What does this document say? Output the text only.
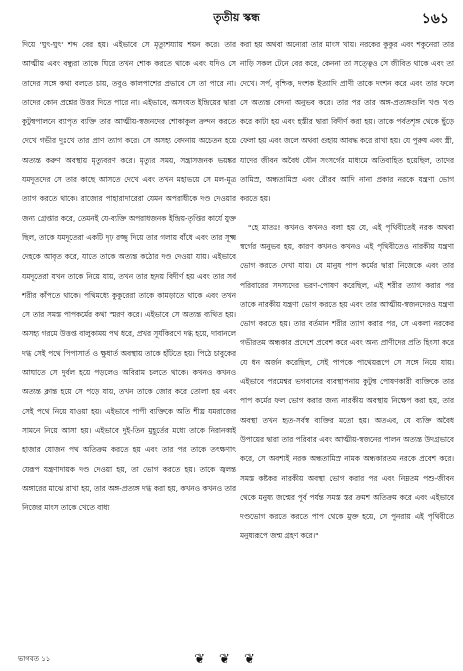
তৃতীয় স্কন্ধ	১৬১

দিয়ে 'ঘুৎ-ঘুৎ' শব্দ বের হয়। এইভাবে সে মৃত্যুশয্যায় শয়ন করে। তার আত্মীয় এবং বন্ধুরা তাকে ঘিরে তখন শোক করতে থাকে এবং যদিও সে তাদের সঙ্গে কথা বলতে চায়, তবুও কালপাশের প্রভাবে সে তা পারে না। তাদের কোন প্রশ্নের উত্তর দিতে পারে না। এইভাবে, অসংযত ইন্দ্রিয়ের দ্বারা কুটুম্বপালনে ব্যাপৃত ব্যক্তি তার আত্মীয়-স্বজনদের শোকাকুল ক্রন্দন করতে দেখে গভীর দুঃখে তার প্রাণ ত্যাগ করে। সে অসহ্য বেদনায় অচেতন হয়ে অত্যন্ত করুণ অবস্থায় মৃত্যুবরণ করে। মৃত্যুর সময়, সন্ত্রাসজনক ভয়ঙ্কর যমদূতদের সে তার কাছে আসতে দেখে এবং তখন মহাভয়ে সে মল-মূত্র ত্যাগ করতে থাকে। রাজ্যের পাহারাদারেরা যেমন অপরাধীকে দণ্ড দেওয়ার জন্য গ্রেপ্তার করে, তেমনই যে-ব্যক্তি অপরাধজনক ইন্দ্রিয়-তৃপ্তির কার্যে যুক্ত ছিল, তাকে যমদূতেরা একটি দৃঢ় রজ্জু দিয়ে তার গলায় বাঁধে এবং তার সূক্ষ্ম দেহকে আবৃত করে, যাতে তাকে অত্যন্ত কঠোর দণ্ড দেওয়া যায়। এইভাবে যমদূতেরা যখন তাকে নিয়ে যায়, তখন তার হৃদয় বিদীর্ণ হয় এবং তার সর্ব শরীর কাঁপতে থাকে। পথিমধ্যে কুকুরেরা তাকে কামড়াতে থাকে এবং তখন সে তার সমস্ত পাপকর্মের কথা স্মরণ করে। এইভাবে সে অত্যন্ত ব্যথিত হয়। অসহ্য গরমে উত্তপ্ত বালুকাময় পথ ধরে, প্রখর সূর্যকিরণে দগ্ধ হয়ে, দাবানলে দগ্ধ সেই পথে পিপাসার্ত ও ক্ষুধার্ত অবস্থায় তাকে হাঁটতে হয়। পিঠে চাবুকের আঘাতে সে দুর্বল হয়ে পড়লেও অবিরাম চলতে থাকে। কখনও কখনও অত্যন্ত ক্লান্ত হয়ে সে পড়ে যায়, তখন তাকে জোর করে তোলা হয় এবং সেই পথে নিয়ে যাওয়া হয়। এইভাবে পাপী ব্যক্তিকে অতি শীঘ্র যমরাজের সামনে নিয়ে আসা হয়। এইভাবে দুই-তিন মুহূর্তের মধ্যে তাকে নিরানব্বই হাজার যোজন পথ অতিক্রম করতে হয় এবং তার পর তাকে তৎক্ষণাৎ যেরূপ যন্ত্রণাদায়ক দণ্ড দেওয়া হয়, তা ভোগ করতে হয়। তাকে জ্বলন্ত অঙ্গারের মাঝে রাখা হয়, তার অঙ্গ-প্রত্যঙ্গ দগ্ধ করা হয়, কখনও কখনও তার নিজের মাংস তাকে খেতে বাধ্য

করা হয় অথবা অন্যেরা তার মাংস খায়। নরকের কুকুর এবং শকুনেরা তার নাড়ি সকল টেনে বের করে, কেননা তা সত্ত্বেও সে জীবিত থাকে এবং তা দেখে। সর্প, বৃশ্চিক, দংশক ইত্যাদি প্রাণী তাকে দংশন করে এবং তার ফলে সে অত্যন্ত বেদনা অনুভব করে। তার পর তার অঙ্গ-প্রত্যঙ্গগুলি খণ্ড খণ্ড করে কাটা হয় এবং হস্তীর দ্বারা বিদীর্ণ করা হয়। তাকে পর্বতশৃঙ্গ থেকে ছুঁড়ে ফেলা হয় এবং জলে অথবা গুহায় আবদ্ধ করে রাখা হয়। যে পুরুষ এবং স্ত্রী, যাদের জীবন অবৈধ যৌন সংসর্গের মাধ্যমে অতিবাহিত হয়েছিল, তাদের তামিস্র, অন্ধতামিস্র এবং রৌরব আদি নানা প্রকার নরকে যন্ত্রণা ভোগ করতে হয়।

"হে মাতঃ! কখনও কখনও বলা হয় যে, এই পৃথিবীতেই নরক অথবা স্বর্গের অনুভব হয়, কারণ কখনও কখনও এই পৃথিবীতেও নারকীয় যন্ত্রণা ভোগ করতে দেখা যায়। যে মানুষ পাপ কর্মের দ্বারা নিজেকে এবং তার পরিবারের সদস্যদের ভরণ-পোষণ করেছিল, এই শরীর ত্যাগ করার পর তাকে নারকীয় যন্ত্রণা ভোগ করতে হয় এবং তার আত্মীয়-স্বজনদেরও যন্ত্রণা ভোগ করতে হয়। তার বর্তমান শরীর ত্যাগ করার পর, সে একলা নরকের গভীরতম অন্ধকার প্রদেশে প্রবেশ করে এবং অন্য প্রাণীদের প্রতি হিংসা করে যে ধন অর্জন করেছিল, সেই পাপকে পাথেয়রূপে সে সঙ্গে নিয়ে যায়। এইভাবে পরমেশ্বর ভগবানের ব্যবস্থাপনায় কুটুম্ব পোষণকারী ব্যক্তিকে তার পাপ কর্মের ফল ভোগ করার জন্য নারকীয় অবস্থায় নিক্ষেপ করা হয়, তার অবস্থা তখন হৃত-সর্বস্ব ব্যক্তির মতো হয়। অতএব, যে ব্যক্তি অবৈধ উপায়ের দ্বারা তার পরিবার এবং আত্মীয়-স্বজনের পালন অত্যন্ত উদগ্রভাবে করে, সে অবশ্যই নরক অন্ধতামিস্র নামক অন্ধকারতম নরকে প্রবেশ করে। সমস্ত কষ্টকর নারকীয় অবস্থা ভোগ করার পর এবং নিম্নতম পশু-জীবন থেকে মনুষ্য জন্মের পূর্ব পর্যন্ত সমস্ত স্তর ক্রমশ অতিক্রম করে এবং এইভাবে দণ্ডভোগ করতে করতে পাপ থেকে মুক্ত হয়ে, সে পুনরায় এই পৃথিবীতে মনুষ্যরূপে জন্ম গ্রহণ করে।"

ভাগবত ১১	❦❦❦
